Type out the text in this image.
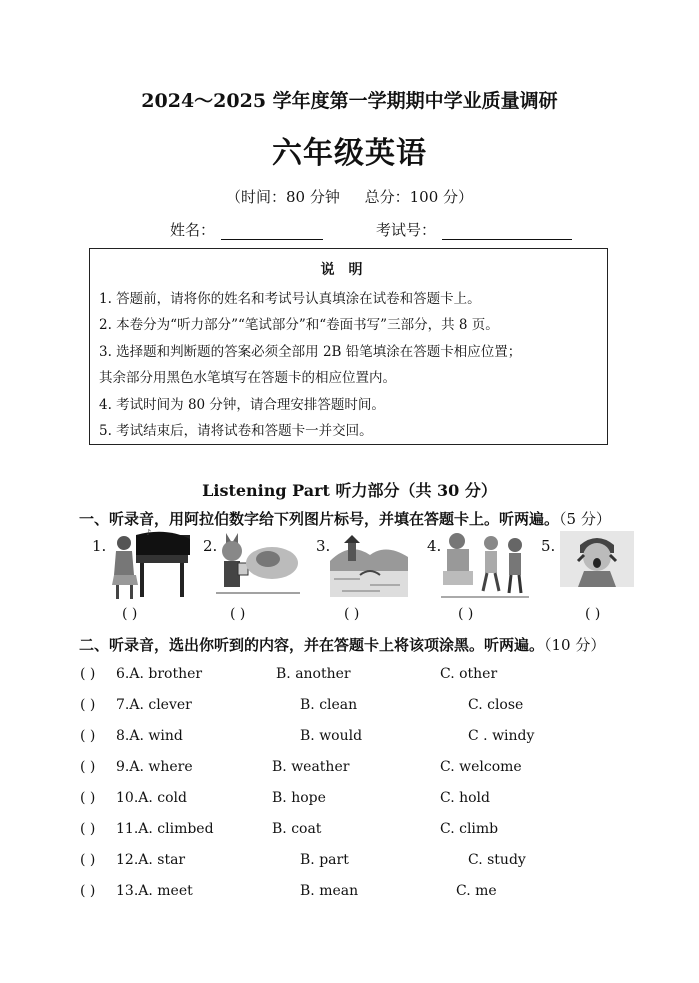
2024～2025 学年度第一学期期中学业质量调研
六年级英语
（时间：80 分钟 总分：100 分）
姓名：	考试号：
说明
1. 答题前，请将你的姓名和考试号认真填涂在试卷和答题卡上。
2. 本卷分为“听力部分”“笔试部分”和“卷面书写”三部分，共 8 页。
3. 选择题和判断题的答案必须全部用 2B 铅笔填涂在答题卡相应位置；
其余部分用黑色水笔填写在答题卡的相应位置内。
4. 考试时间为 80 分钟，请合理安排答题时间。
5. 考试结束后，请将试卷和答题卡一并交回。
Listening Part 听力部分（共 30 分）
一、听录音，用阿拉伯数字给下列图片标号，并填在答题卡上。听两遍。（5 分）
1.
♪
( )
2.
( )
3.
( )
4.
( )
5.
( )
二、听录音，选出你听到的内容，并在答题卡上将该项涂黑。听两遍。（10 分）
( ) 6.A. brother	B. another	C. other
( ) 7.A. clever	B. clean	C. close
( ) 8.A. wind	B. would	C . windy
( ) 9.A. where	B. weather	C. welcome
( ) 10.A. cold	B. hope	C. hold
( ) 11.A. climbed	B. coat	C. climb
( ) 12.A. star	B. part	C. study
( ) 13.A. meet	B. mean	C. me
